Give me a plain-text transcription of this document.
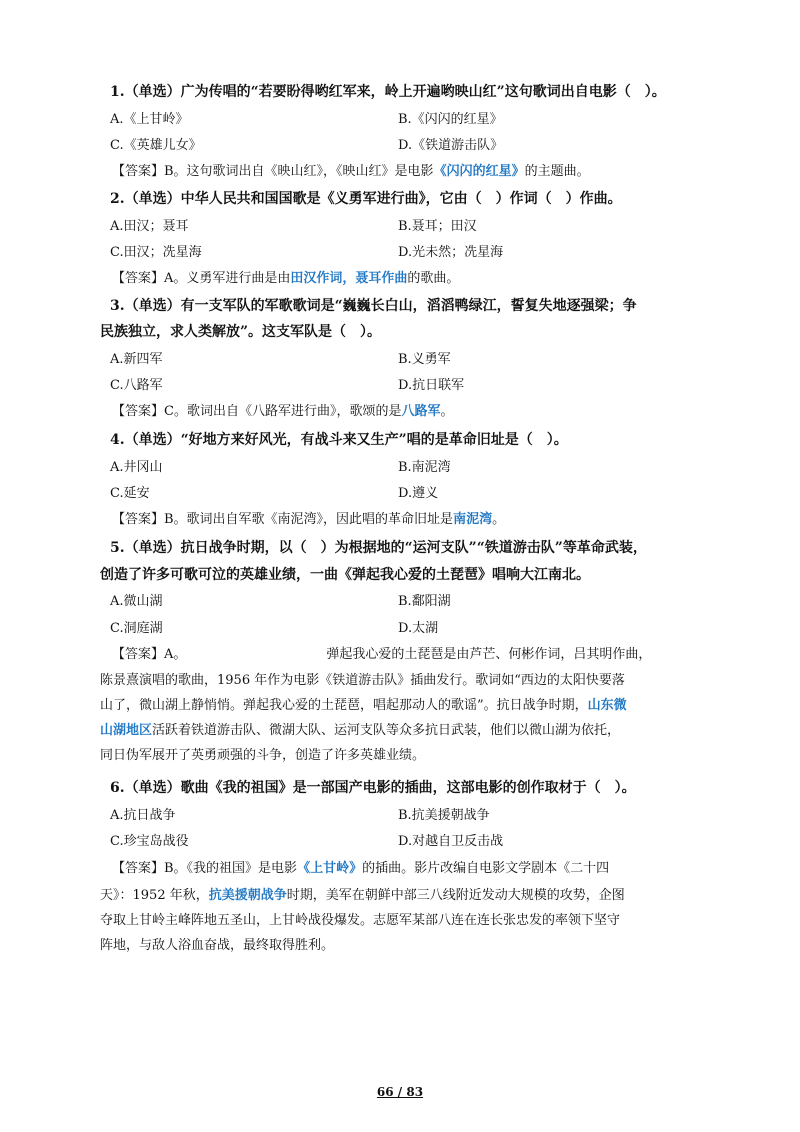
1.（单选）广为传唱的“若要盼得哟红军来，岭上开遍哟映山红”这句歌词出自电影（　）。
A.《上甘岭》	B.《闪闪的红星》
C.《英雄儿女》	D.《铁道游击队》
【答案】B。这句歌词出自《映山红》，《映山红》是电影《闪闪的红星》的主题曲。
2.（单选）中华人民共和国国歌是《义勇军进行曲》，它由（　）作词（　）作曲。
A.田汉；聂耳	B.聂耳；田汉
C.田汉；冼星海	D.光未然；冼星海
【答案】A。义勇军进行曲是由田汉作词，聂耳作曲的歌曲。
3.（单选）有一支军队的军歌歌词是“巍巍长白山，滔滔鸭绿江，誓复失地逐强梁；争
民族独立，求人类解放”。这支军队是（　）。
A.新四军	B.义勇军
C.八路军	D.抗日联军
【答案】C。歌词出自《八路军进行曲》，歌颂的是八路军。
4.（单选）“好地方来好风光，有战斗来又生产”唱的是革命旧址是（　）。
A.井冈山	B.南泥湾
C.延安	D.遵义
【答案】B。歌词出自军歌《南泥湾》，因此唱的革命旧址是南泥湾。
5.（单选）抗日战争时期，以（　）为根据地的“运河支队”“铁道游击队”等革命武装，
创造了许多可歌可泣的英雄业绩，一曲《弹起我心爱的土琵琶》唱响大江南北。
A.微山湖	B.鄱阳湖
C.洞庭湖	D.太湖
【答案】A。	弹起我心爱的土琵琶是由芦芒、何彬作词，吕其明作曲，
陈景熹演唱的歌曲，1956 年作为电影《铁道游击队》插曲发行。歌词如“西边的太阳快要落
山了，微山湖上静悄悄。弹起我心爱的土琵琶，唱起那动人的歌谣”。抗日战争时期，山东微
山湖地区活跃着铁道游击队、微湖大队、运河支队等众多抗日武装，他们以微山湖为依托，
同日伪军展开了英勇顽强的斗争，创造了许多英雄业绩。
6.（单选）歌曲《我的祖国》是一部国产电影的插曲，这部电影的创作取材于（　）。
A.抗日战争	B.抗美援朝战争
C.珍宝岛战役	D.对越自卫反击战
【答案】B。《我的祖国》是电影《上甘岭》的插曲。影片改编自电影文学剧本《二十四
天》：1952 年秋，抗美援朝战争时期，美军在朝鲜中部三八线附近发动大规模的攻势，企图
夺取上甘岭主峰阵地五圣山，上甘岭战役爆发。志愿军某部八连在连长张忠发的率领下坚守
阵地，与敌人浴血奋战，最终取得胜利。
66 / 83
